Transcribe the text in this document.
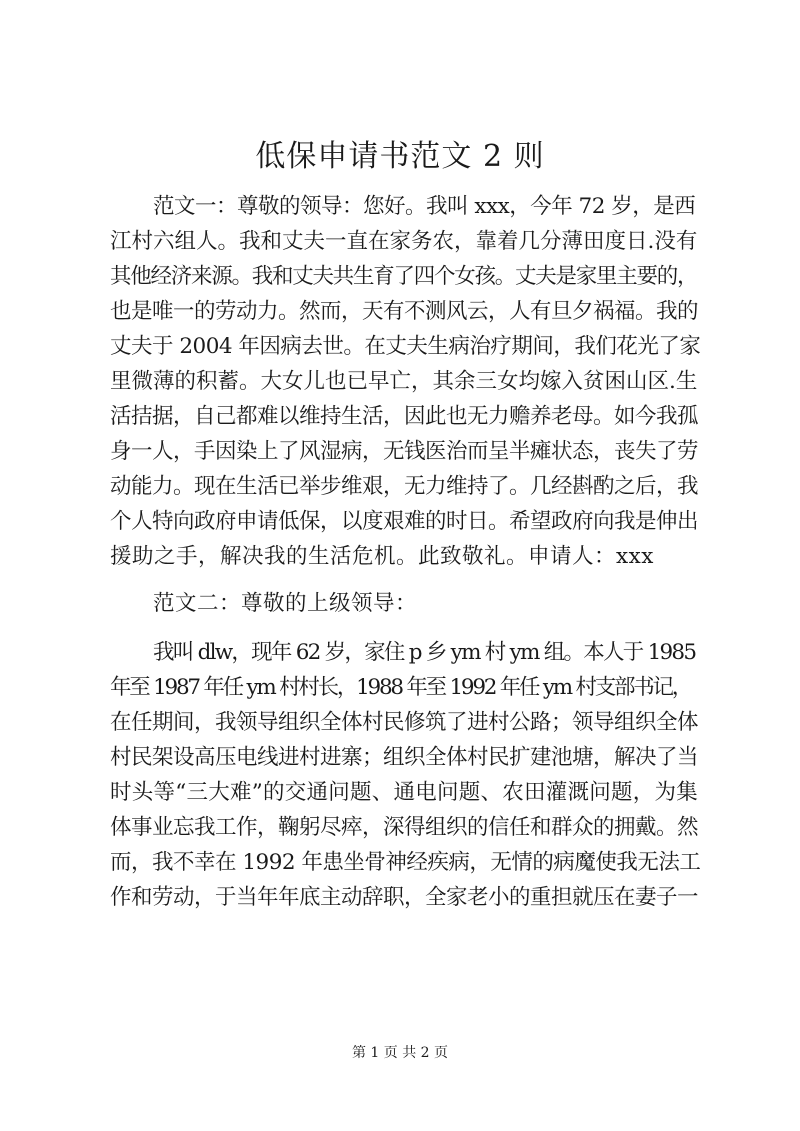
低保申请书范文 2 则
范文一：尊敬的领导：您好。我叫 xxx，今年 72 岁，是西
江村六组人。我和丈夫一直在家务农，靠着几分薄田度日.没有
其他经济来源。我和丈夫共生育了四个女孩。丈夫是家里主要的，
也是唯一的劳动力。然而，天有不测风云，人有旦夕祸福。我的
丈夫于 2004 年因病去世。在丈夫生病治疗期间，我们花光了家
里微薄的积蓄。大女儿也已早亡，其余三女均嫁入贫困山区.生
活拮据，自己都难以维持生活，因此也无力赡养老母。如今我孤
身一人，手因染上了风湿病，无钱医治而呈半瘫状态，丧失了劳
动能力。现在生活已举步维艰，无力维持了。几经斟酌之后，我
个人特向政府申请低保，以度艰难的时日。希望政府向我是伸出
援助之手，解决我的生活危机。此致敬礼。申请人：xxx
范文二：尊敬的上级领导：
我叫 dlw，现年 62 岁，家住 p 乡 ym 村 ym 组。本人于 1985
年至 1987 年任 ym 村村长，1988 年至 1992 年任 ym 村支部书记，
在任期间，我领导组织全体村民修筑了进村公路；领导组织全体
村民架设高压电线进村进寨；组织全体村民扩建池塘，解决了当
时头等“三大难”的交通问题、通电问题、农田灌溉问题，为集
体事业忘我工作，鞠躬尽瘁，深得组织的信任和群众的拥戴。然
而，我不幸在 1992 年患坐骨神经疾病，无情的病魔使我无法工
作和劳动，于当年年底主动辞职，全家老小的重担就压在妻子一
第 1 页 共 2 页
